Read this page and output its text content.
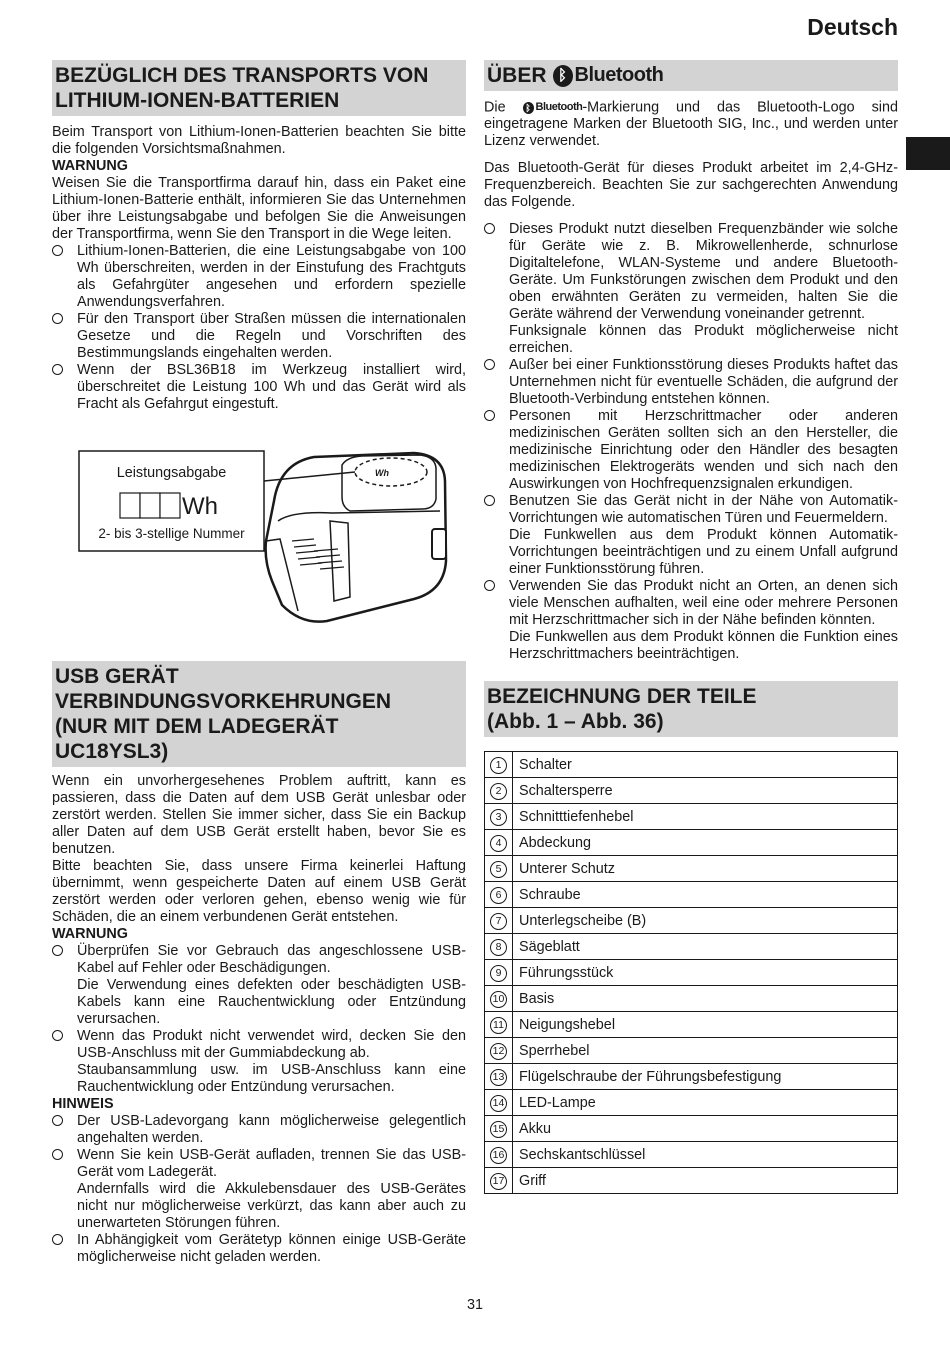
Deutsch
BEZÜGLICH DES TRANSPORTS VON
LITHIUM-IONEN-BATTERIEN

Beim Transport von Lithium-Ionen-Batterien beachten Sie bitte die folgenden Vorsichtsmaßnahmen.

WARNUNG

Weisen Sie die Transportfirma darauf hin, dass ein Paket eine Lithium-Ionen-Batterie enthält, informieren Sie das Unternehmen über ihre Leistungsabgabe und befolgen Sie die Anweisungen der Transportfirma, wenn Sie den Transport in die Wege leiten.

Lithium-Ionen-Batterien, die eine Leistungsabgabe von 100 Wh überschreiten, werden in der Einstufung des Frachtguts als Gefahrgüter angesehen und erfordern spezielle Anwendungsverfahren.
Für den Transport über Straßen müssen die internationalen Gesetze und die Regeln und Vorschriften des Bestimmungslands eingehalten werden.
Wenn der BSL36B18 im Werkzeug installiert wird, überschreitet die Leistung 100 Wh und das Gerät wird als Fracht als Gefahrgut eingestuft.
Wh
Leistungsabgabe
Wh
2- bis 3-stellige Nummer
USB GERÄT
VERBINDUNGSVORKEHRUNGEN
(NUR MIT DEM LADEGERÄT
UC18YSL3)

Wenn ein unvorhergesehenes Problem auftritt, kann es passieren, dass die Daten auf dem USB Gerät unlesbar oder zerstört werden. Stellen Sie immer sicher, dass Sie ein Backup aller Daten auf dem USB Gerät erstellt haben, bevor Sie es benutzen.

Bitte beachten Sie, dass unsere Firma keinerlei Haftung übernimmt, wenn gespeicherte Daten auf einem USB Gerät zerstört werden oder verloren gehen, ebenso wenig wie für Schäden, die an einem verbundenen Gerät entstehen.

WARNUNG
Überprüfen Sie vor Gebrauch das angeschlossene USB-Kabel auf Fehler oder Beschädigungen.
Die Verwendung eines defekten oder beschädigten USB-Kabels kann eine Rauchentwicklung oder Entzündung verursachen.
Wenn das Produkt nicht verwendet wird, decken Sie den USB-Anschluss mit der Gummiabdeckung ab.
Staubansammlung usw. im USB-Anschluss kann eine Rauchentwicklung oder Entzündung verursachen.
HINWEIS
Der USB-Ladevorgang kann möglicherweise gelegentlich angehalten werden.
Wenn Sie kein USB-Gerät aufladen, trennen Sie das USB-Gerät vom Ladegerät.
Andernfalls wird die Akkulebensdauer des USB-Gerätes nicht nur möglicherweise verkürzt, das kann aber auch zu unerwarteten Störungen führen.
In Abhängigkeit vom Gerätetyp können einige USB-Geräte möglicherweise nicht geladen werden.
ÜBER ᛒ Bluetooth

Die	ᛒ Bluetooth -Markierung und das Bluetooth-Logo sind eingetragene Marken der Bluetooth SIG, Inc., und werden unter Lizenz verwendet.

Das Bluetooth-Gerät für dieses Produkt arbeitet im 2,4-GHz-Frequenzbereich. Beachten Sie zur sachgerechten Anwendung das Folgende.

Dieses Produkt nutzt dieselben Frequenzbänder wie solche für Geräte wie z. B. Mikrowellenherde, schnurlose Digitaltelefone, WLAN-Systeme und andere Bluetooth-Geräte. Um Funkstörungen zwischen dem Produkt und den oben erwähnten Geräten zu vermeiden, halten Sie die Geräte während der Verwendung voneinander getrennt.
Funksignale können das Produkt möglicherweise nicht erreichen.
Außer bei einer Funktionsstörung dieses Produkts haftet das Unternehmen nicht für eventuelle Schäden, die aufgrund der Bluetooth-Verbindung entstehen können.
Personen mit Herzschrittmacher oder anderen medizinischen Geräten sollten sich an den Hersteller, die medizinische Einrichtung oder den Händler des besagten medizinischen Elektrogeräts wenden und sich nach den Auswirkungen von Hochfrequenzsignalen erkundigen.
Benutzen Sie das Gerät nicht in der Nähe von Automatik-Vorrichtungen wie automatischen Türen und Feuermeldern.
Die Funkwellen aus dem Produkt können Automatik-Vorrichtungen beeinträchtigen und zu einem Unfall aufgrund einer Funktionsstörung führen.
Verwenden Sie das Produkt nicht an Orten, an denen sich viele Menschen aufhalten, weil eine oder mehrere Personen mit Herzschrittmacher sich in der Nähe befinden könnten.
Die Funkwellen aus dem Produkt können die Funktion eines Herzschrittmachers beeinträchtigen.
BEZEICHNUNG DER TEILE
(Abb. 1 – Abb. 36)
1	Schalter
2	Schaltersperre
3	Schnitttiefenhebel
4	Abdeckung
5	Unterer Schutz
6	Schraube
7	Unterlegscheibe (B)
8	Sägeblatt
9	Führungsstück
10	Basis
11	Neigungshebel
12	Sperrhebel
13	Flügelschraube der Führungsbefestigung
14	LED-Lampe
15	Akku
16	Sechskantschlüssel
17	Griff
31
